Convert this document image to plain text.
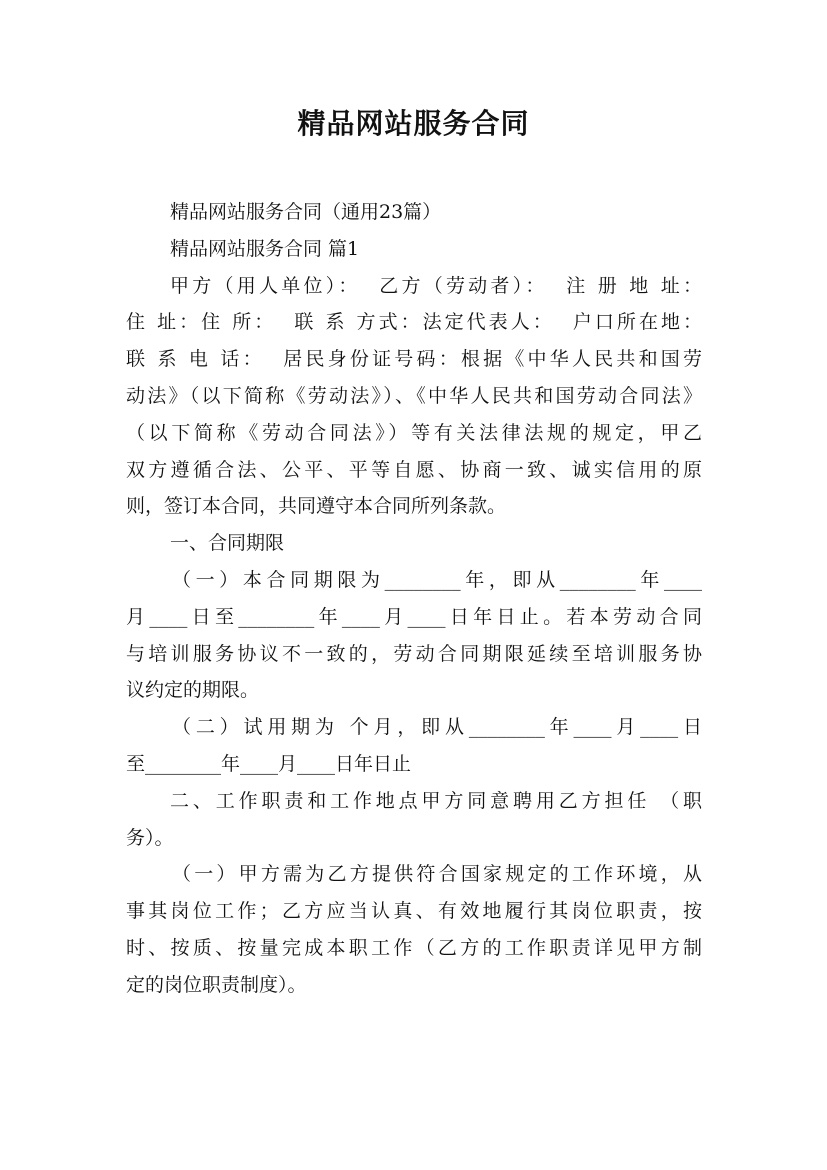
精品网站服务合同
精品网站服务合同（通用23篇）
精品网站服务合同 篇1
甲方（用人单位）：  乙方（劳动者）：  注 册 地 址：
住 址：住 所：  联 系 方式：法定代表人：  户口所在地：
联 系 电 话：  居民身份证号码：根据《中华人民共和国劳
动法》（以下简称《劳动法》）、《中华人民共和国劳动合同法》
（以下简称《劳动合同法》）等有关法律法规的规定，甲乙
双方遵循合法、公平、平等自愿、协商一致、诚实信用的原
则，签订本合同，共同遵守本合同所列条款。
一、合同期限
（一）本合同期限为________年，即从________年____
月____日至________年____月____日年日止。若本劳动合同
与培训服务协议不一致的，劳动合同期限延续至培训服务协
议约定的期限。
（二）试用期为 个月，即从________年____月____日
至________年____月____日年日止
二、工作职责和工作地点甲方同意聘用乙方担任 （职
务）。
（一）甲方需为乙方提供符合国家规定的工作环境，从
事其岗位工作；乙方应当认真、有效地履行其岗位职责，按
时、按质、按量完成本职工作（乙方的工作职责详见甲方制
定的岗位职责制度）。
